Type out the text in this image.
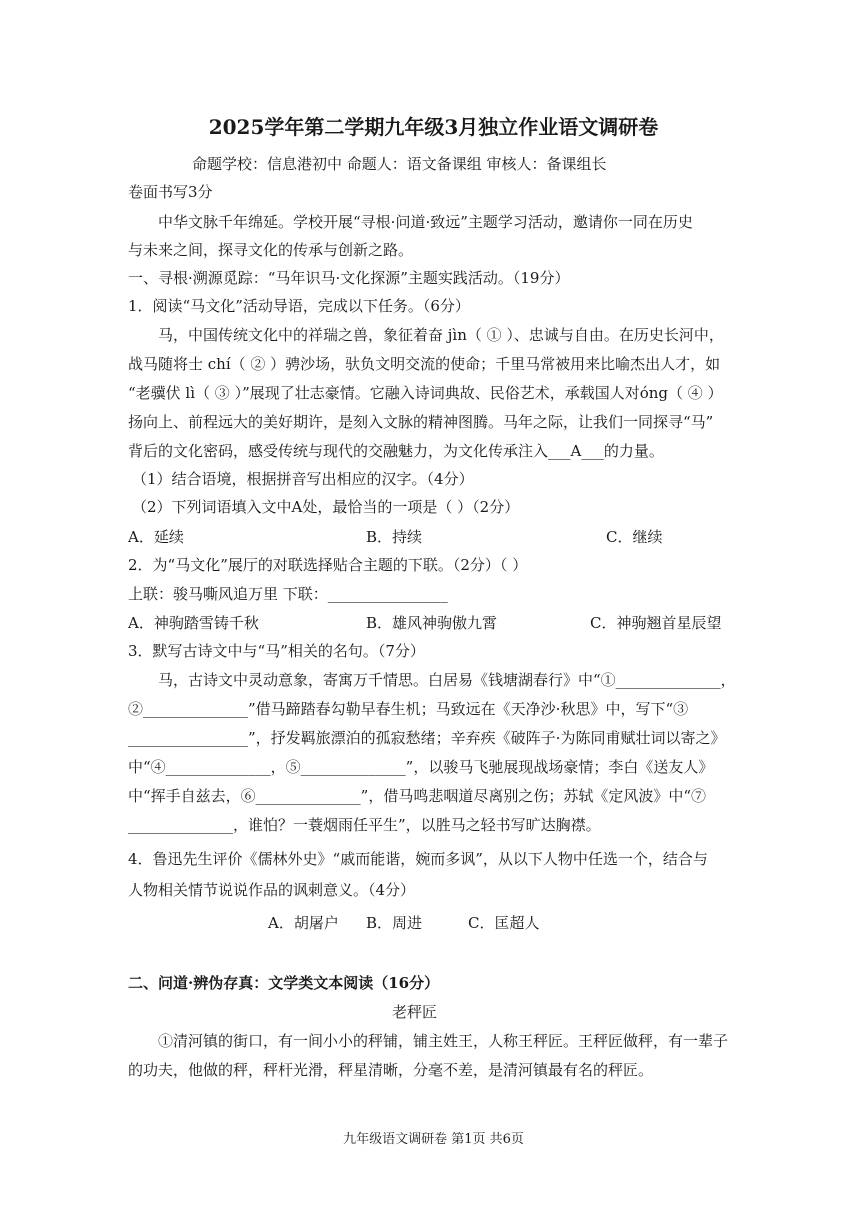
2025学年第二学期九年级3月独立作业语文调研卷
命题学校：信息港初中 命题人：语文备课组 审核人：备课组长
卷面书写3分
中华文脉千年绵延。学校开展“寻根·问道·致远”主题学习活动，邀请你一同在历史
与未来之间，探寻文化的传承与创新之路。
一、寻根·溯源觅踪：“马年识马·文化探源”主题实践活动。（19分）
1．阅读“马文化”活动导语，完成以下任务。（6分）
马，中国传统文化中的祥瑞之兽，象征着奋 jìn（ ① ）、忠诚与自由。在历史长河中，
战马随将士 chí（ ② ）骋沙场，驮负文明交流的使命；千里马常被用来比喻杰出人才，如
“老骥伏 lì（ ③ ）”展现了壮志豪情。它融入诗词典故、民俗艺术，承载国人对óng（ ④ ）
扬向上、前程远大的美好期许，是刻入文脉的精神图腾。马年之际，让我们一同探寻“马”
背后的文化密码，感受传统与现代的交融魅力，为文化传承注入___A___的力量。
（1）结合语境，根据拼音写出相应的汉字。（4分）
（2）下列词语填入文中A处，最恰当的一项是（ ）（2分）
A．延续	B．持续	C．继续
2．为“马文化”展厅的对联选择贴合主题的下联。（2分）（ ）
上联：骏马嘶风追万里 下联：________________
A．神驹踏雪铸千秋	B．雄风神驹傲九霄	C．神驹翘首星辰望
3．默写古诗文中与“马”相关的名句。（7分）
马，古诗文中灵动意象，寄寓万千情思。白居易《钱塘湖春行》中“①______________，
②______________”借马蹄踏春勾勒早春生机；马致远在《天净沙·秋思》中，写下“③
________________”，抒发羁旅漂泊的孤寂愁绪；辛弃疾《破阵子·为陈同甫赋壮词以寄之》
中“④______________，⑤______________”，以骏马飞驰展现战场豪情；李白《送友人》
中“挥手自兹去，⑥______________”，借马鸣悲咽道尽离别之伤；苏轼《定风波》中“⑦
______________，谁怕？一蓑烟雨任平生”，以胜马之轻书写旷达胸襟。
4．鲁迅先生评价《儒林外史》“戚而能谐，婉而多讽”，从以下人物中任选一个，结合与
人物相关情节说说作品的讽刺意义。（4分）
A．胡屠户 B．周进	C．匡超人
二、问道·辨伪存真：文学类文本阅读（16分）
老秤匠
①清河镇的街口，有一间小小的秤铺，铺主姓王，人称王秤匠。王秤匠做秤，有一辈子
的功夫，他做的秤，秤杆光滑，秤星清晰，分毫不差，是清河镇最有名的秤匠。
九年级语文调研卷 第1页 共6页
